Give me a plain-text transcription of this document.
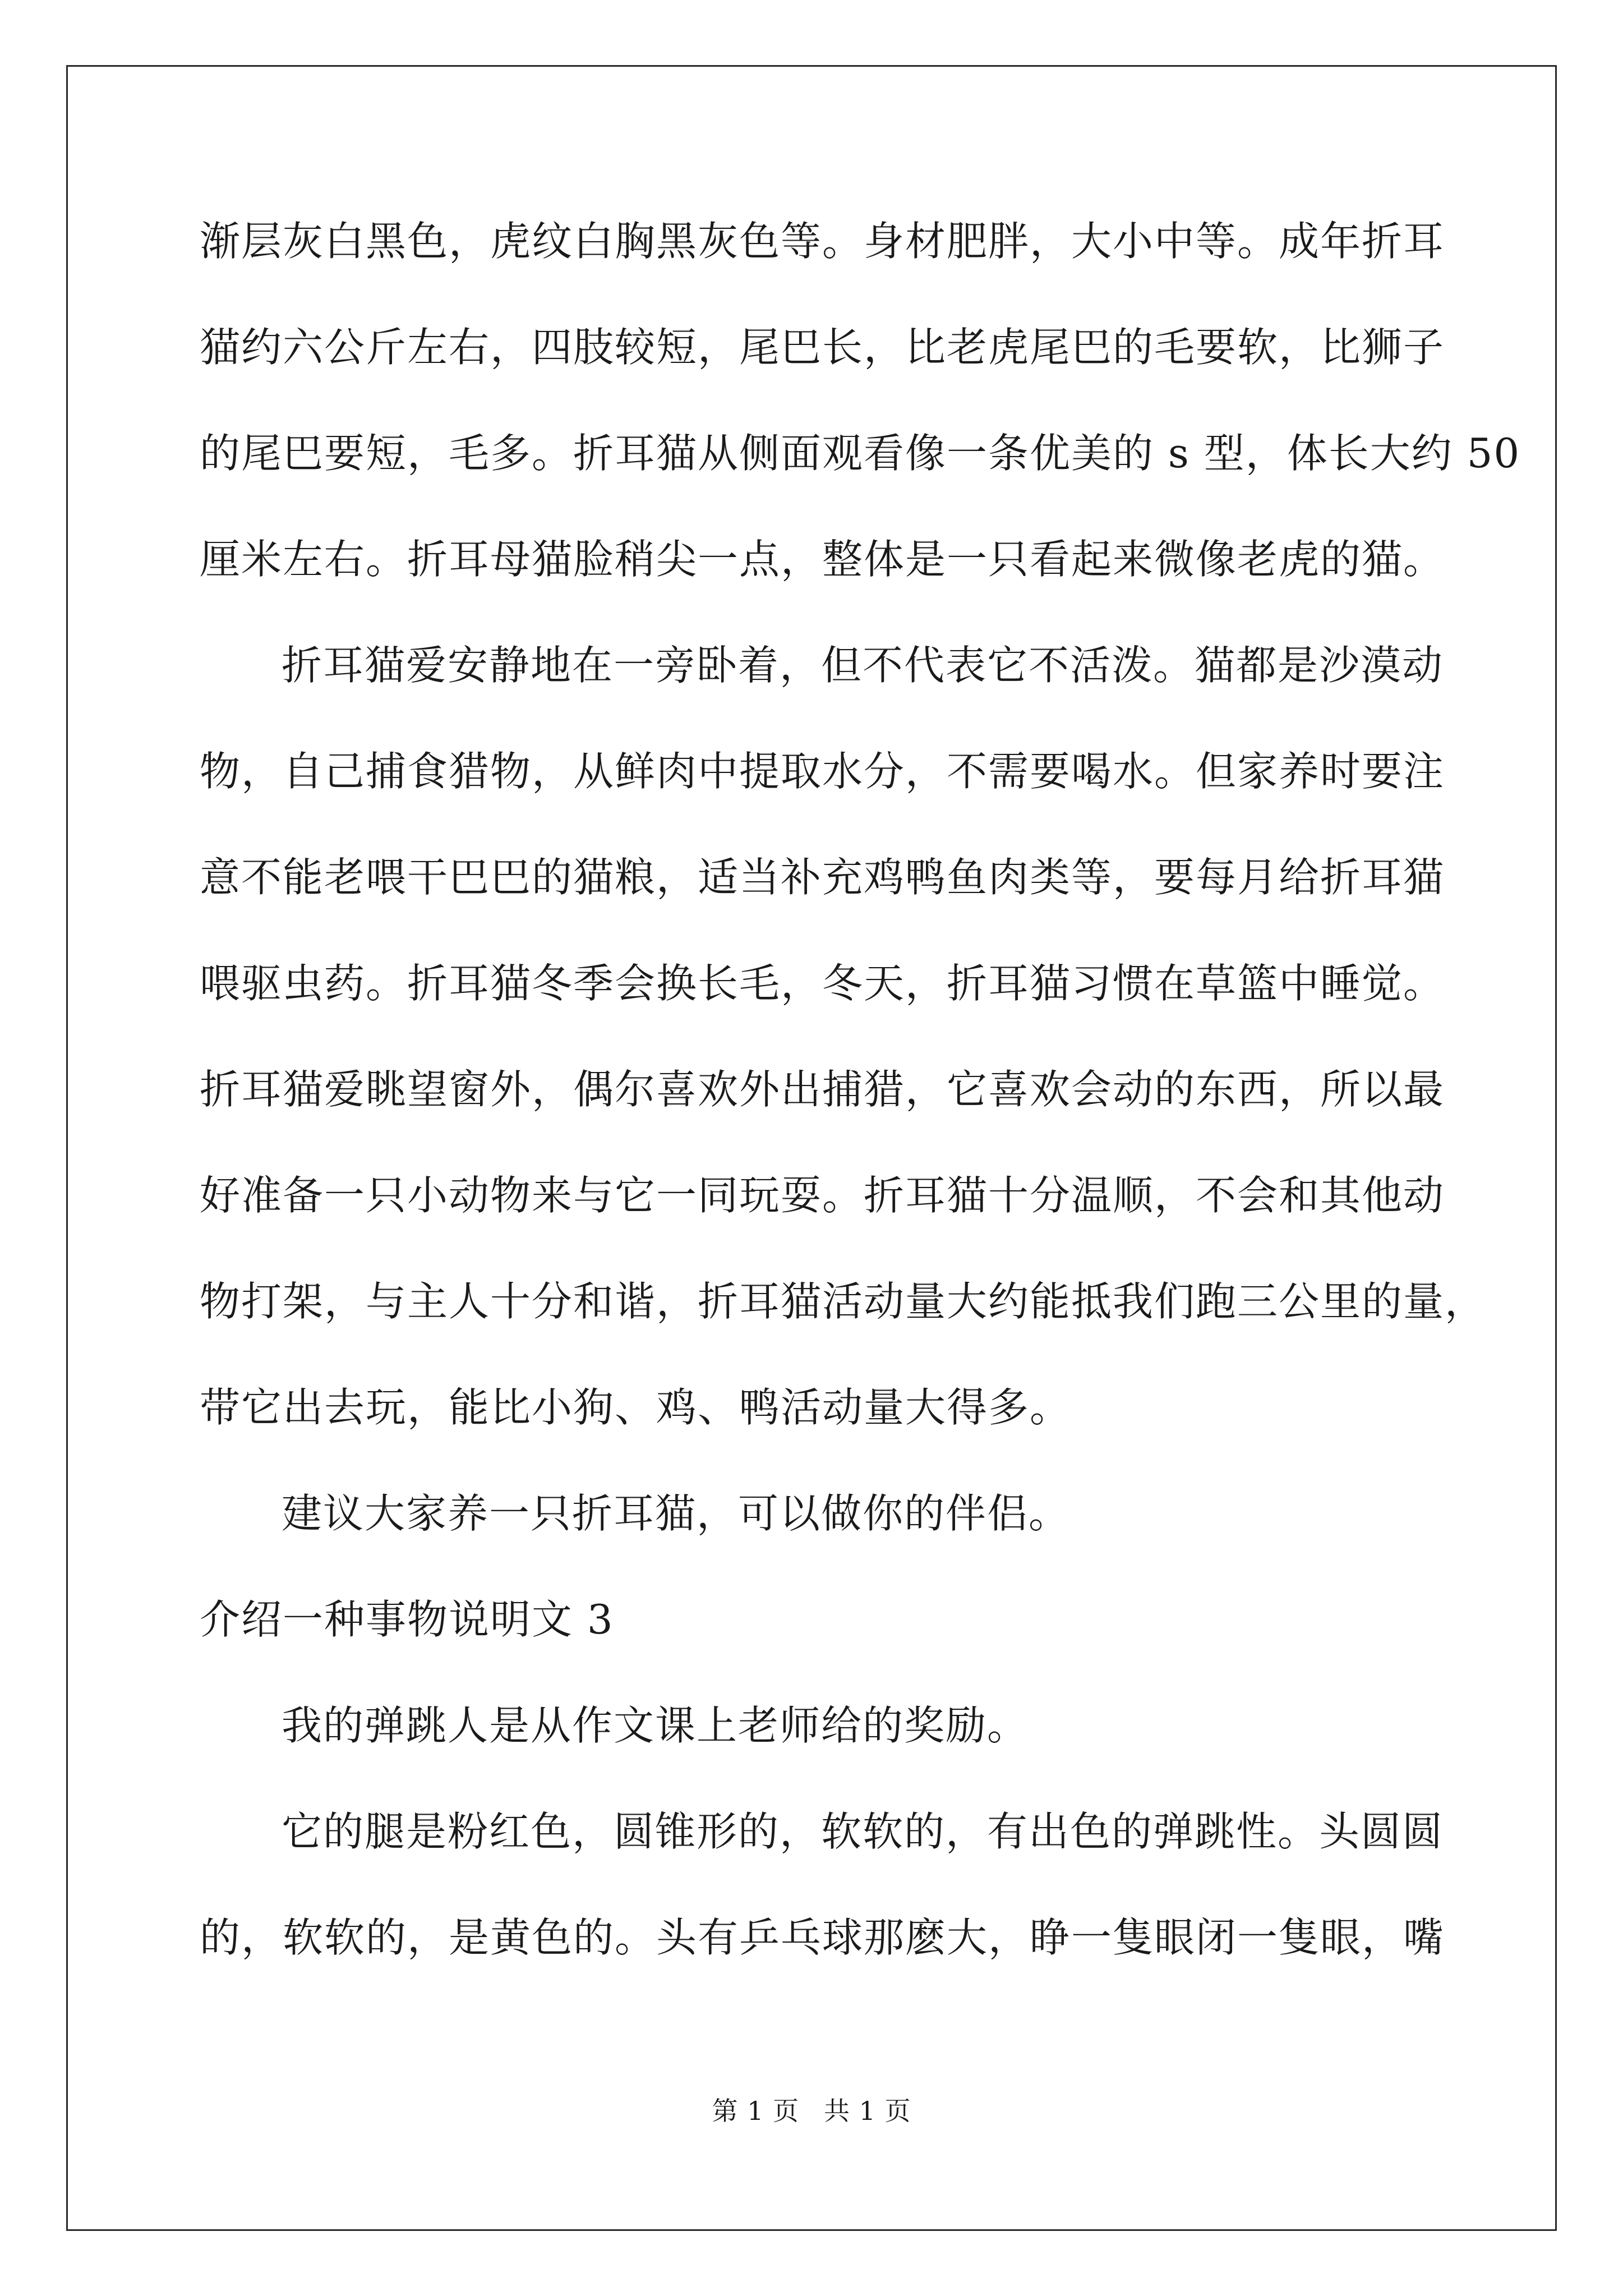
渐层灰白黑色，虎纹白胸黑灰色等。身材肥胖，大小中等。成年折耳
猫约六公斤左右，四肢较短，尾巴长，比老虎尾巴的毛要软，比狮子
的尾巴要短，毛多。折耳猫从侧面观看像一条优美的 s 型，体长大约 50
厘米左右。折耳母猫脸稍尖一点，整体是一只看起来微像老虎的猫。
折耳猫爱安静地在一旁卧着，但不代表它不活泼。猫都是沙漠动
物，自己捕食猎物，从鲜肉中提取水分，不需要喝水。但家养时要注
意不能老喂干巴巴的猫粮，适当补充鸡鸭鱼肉类等，要每月给折耳猫
喂驱虫药。折耳猫冬季会换长毛，冬天，折耳猫习惯在草篮中睡觉。
折耳猫爱眺望窗外，偶尔喜欢外出捕猎，它喜欢会动的东西，所以最
好准备一只小动物来与它一同玩耍。折耳猫十分温顺，不会和其他动
物打架，与主人十分和谐，折耳猫活动量大约能抵我们跑三公里的量，
带它出去玩，能比小狗、鸡、鸭活动量大得多。
建议大家养一只折耳猫，可以做你的伴侣。
介绍一种事物说明文 3
我的弹跳人是从作文课上老师给的奖励。
它的腿是粉红色，圆锥形的，软软的，有出色的弹跳性。头圆圆
的，软软的，是黄色的。头有乒乓球那麽大，睁一隻眼闭一隻眼，嘴
第 1 页 共 1 页
